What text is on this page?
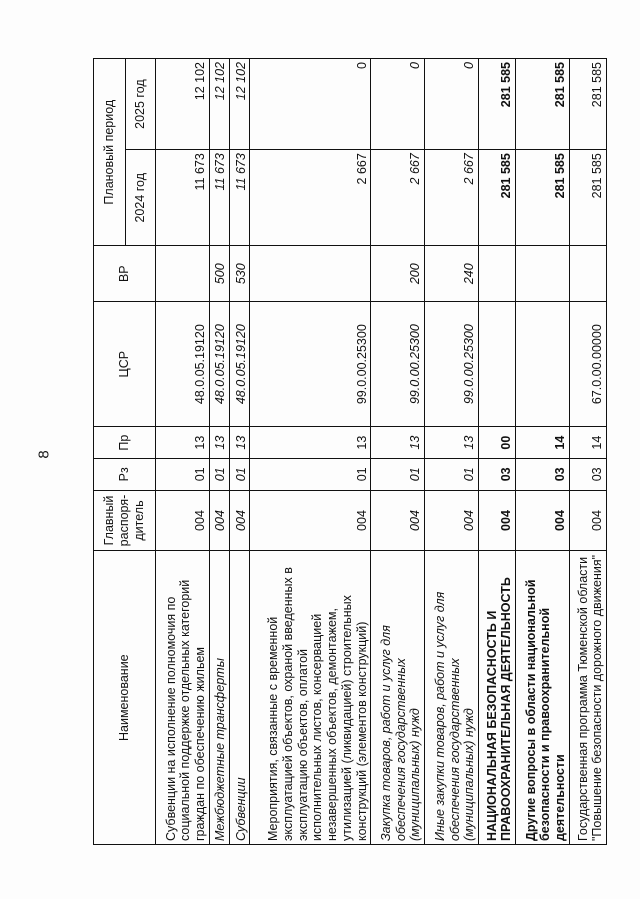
8
Наименование	Главный распоря-дитель	Рз	Пр	ЦСР	ВР	Плановый период	
						2024 год	2025 год
Субвенции на исполнение полномочия по социальной поддержке отдельных категорий граждан по обеспечению жильем	004	01	13	48.0.05.19120		11 673	12 102
Межбюджетные трансферты	004	01	13	48.0.05.19120	500	11 673	12 102
Субвенции	004	01	13	48.0.05.19120	530	11 673	12 102
Мероприятия, связанные с временной эксплуатацией объектов, охраной введенных в эксплуатацию объектов, оплатой исполнительных листов, консервацией незавершенных объектов, демонтажем, утилизацией (ликвидацией) строительных конструкций (элементов конструкций)	004	01	13	99.0.00.25300		2 667	0
Закупка товаров, работ и услуг для обеспечения государственных (муниципальных) нужд	004	01	13	99.0.00.25300	200	2 667	0
Иные закупки товаров, работ и услуг для обеспечения государственных (муниципальных) нужд	004	01	13	99.0.00.25300	240	2 667	0
НАЦИОНАЛЬНАЯ БЕЗОПАСНОСТЬ И ПРАВООХРАНИТЕЛЬНАЯ ДЕЯТЕЛЬНОСТЬ	004	03	00			281 585	281 585
Другие вопросы в области национальной безопасности и правоохранительной деятельности	004	03	14			281 585	281 585
Государственная программа Тюменской области "Повышение безопасности дорожного движения"	004	03	14	67.0.00.00000		281 585	281 585
